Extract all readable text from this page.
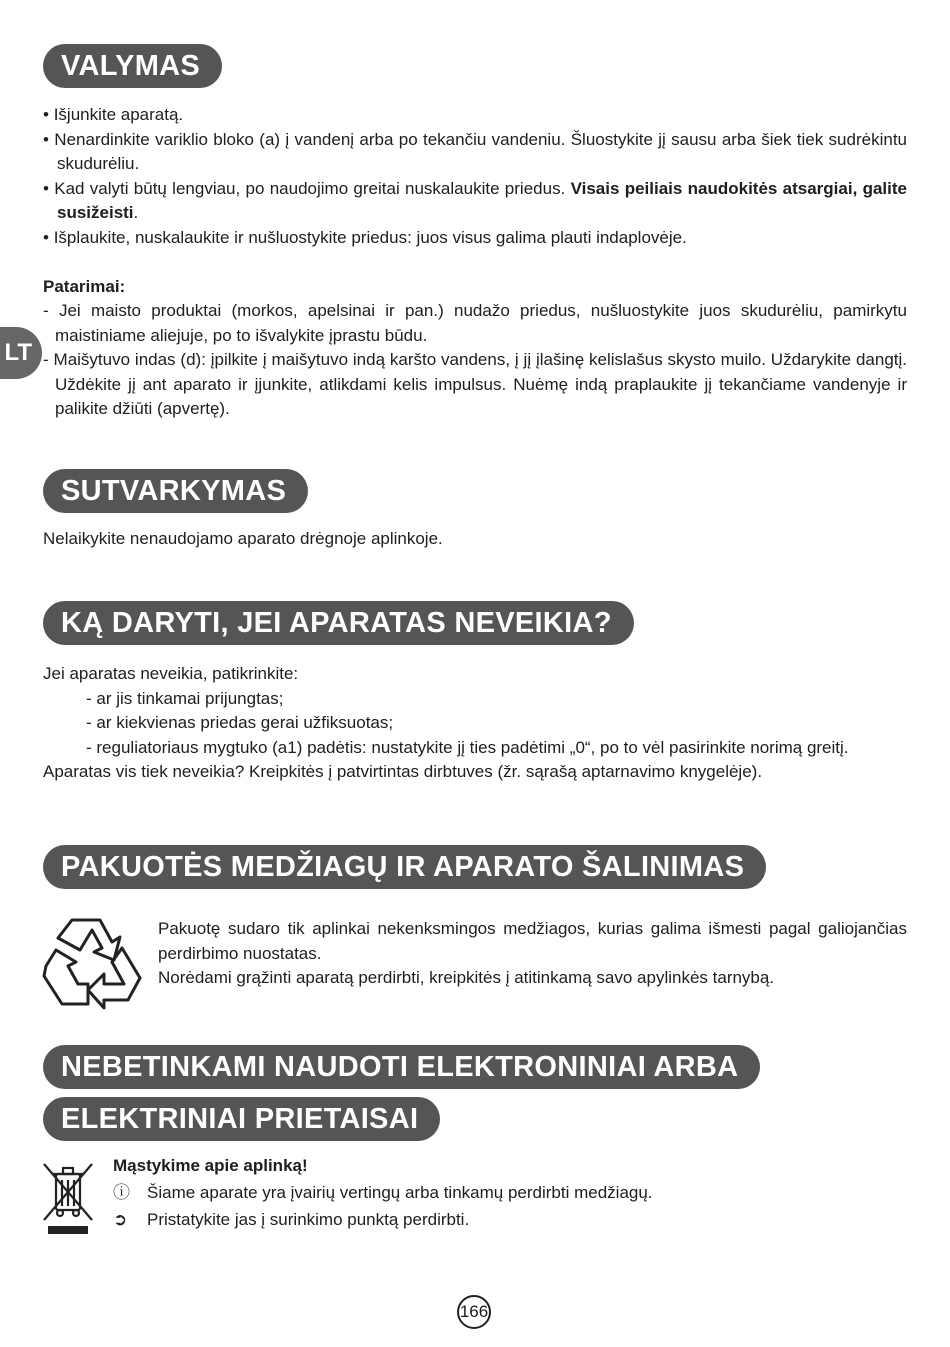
LT
VALYMAS
• Išjunkite aparatą.
• Nenardinkite variklio bloko (a) į vandenį arba po tekančiu vandeniu. Šluostykite jį sausu arba šiek tiek sudrėkintu skudurėliu.
• Kad valyti būtų lengviau, po naudojimo greitai nuskalaukite priedus. Visais peiliais naudokitės atsargiai, galite susižeisti.
• Išplaukite, nuskalaukite ir nušluostykite priedus: juos visus galima plauti indaplovėje.
Patarimai:
- Jei maisto produktai (morkos, apelsinai ir pan.) nudažo priedus, nušluostykite juos skudurėliu, pamirkytu maistiniame aliejuje, po to išvalykite įprastu būdu.
- Maišytuvo indas (d): įpilkite į maišytuvo indą karšto vandens, į jį įlašinę kelislašus skysto muilo. Uždarykite dangtį. Uždėkite jį ant aparato ir įjunkite, atlikdami kelis impulsus. Nuėmę indą praplaukite jį tekančiame vandenyje ir palikite džiūti (apvertę).
SUTVARKYMAS
Nelaikykite nenaudojamo aparato drėgnoje aplinkoje.
KĄ DARYTI, JEI APARATAS NEVEIKIA?
Jei aparatas neveikia, patikrinkite:
- ar jis tinkamai prijungtas;
- ar kiekvienas priedas gerai užfiksuotas;
- reguliatoriaus mygtuko (a1) padėtis: nustatykite jį ties padėtimi „0“, po to vėl pasirinkite norimą greitį.
Aparatas vis tiek neveikia? Kreipkitės į patvirtintas dirbtuves (žr. sąrašą aptarnavimo knygelėje).
PAKUOTĖS MEDŽIAGŲ IR APARATO ŠALINIMAS
Pakuotę sudaro tik aplinkai nekenksmingos medžiagos, kurias galima išmesti pagal galiojančias perdirbimo nuostatas.
Norėdami grąžinti aparatą perdirbti, kreipkitės į atitinkamą savo apylinkės tarnybą.
NEBETINKAMI NAUDOTI ELEKTRONINIAI ARBA
ELEKTRINIAI PRIETAISAI
Mąstykime apie aplinką!
ⓘ Šiame aparate yra įvairių vertingų arba tinkamų perdirbti medžiagų.
➲ Pristatykite jas į surinkimo punktą perdirbti.
166
